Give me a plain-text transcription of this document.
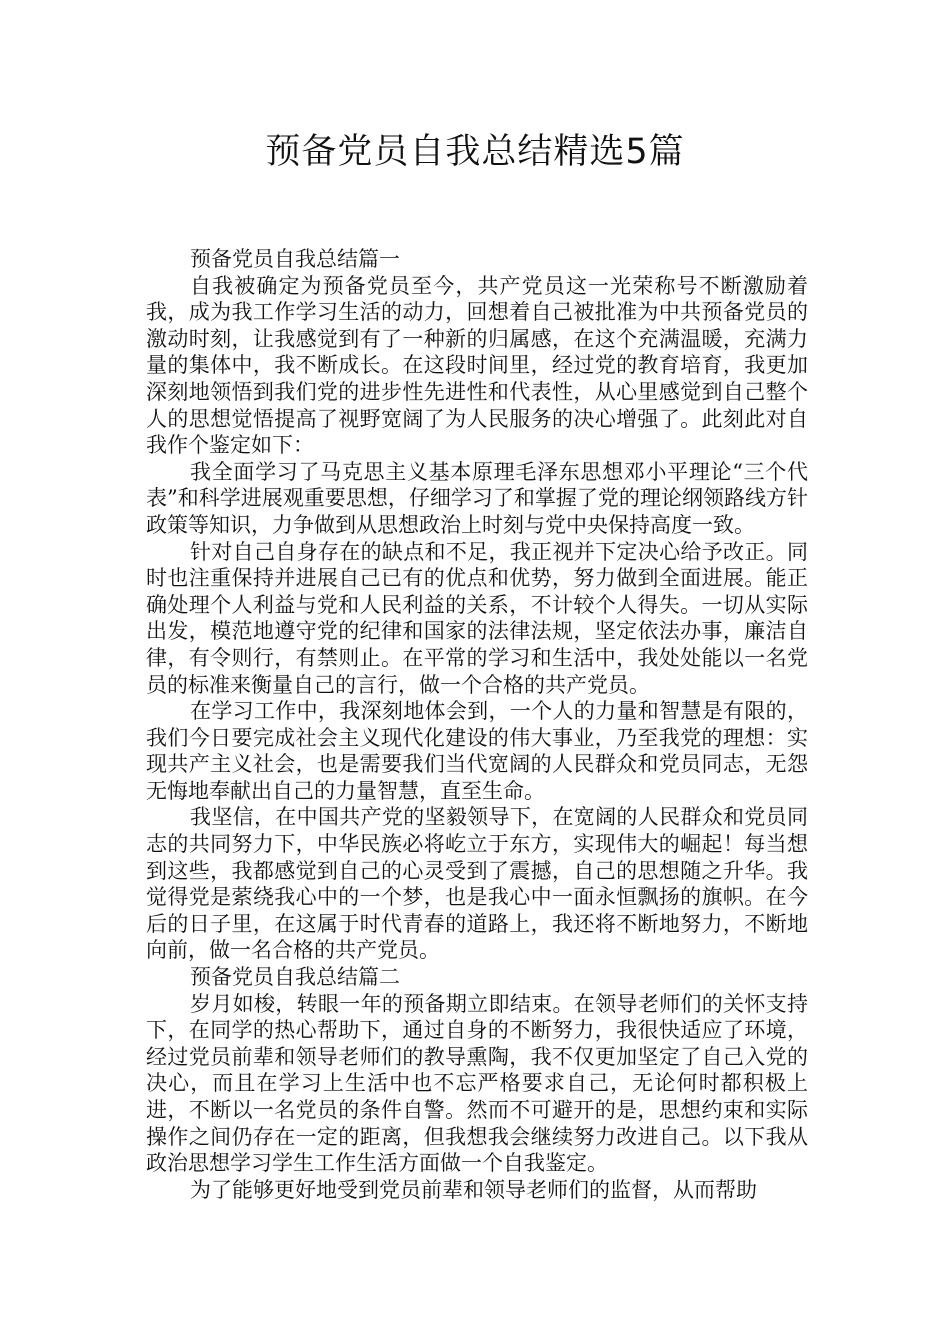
预备党员自我总结精选5篇

预备党员自我总结篇一

自我被确定为预备党员至今，共产党员这一光荣称号不断激励着我，成为我工作学习生活的动力，回想着自己被批准为中共预备党员的激动时刻，让我感觉到有了一种新的归属感，在这个充满温暖，充满力量的集体中，我不断成长。在这段时间里，经过党的教育培育，我更加深刻地领悟到我们党的进步性先进性和代表性，从心里感觉到自己整个人的思想觉悟提高了视野宽阔了为人民服务的决心增强了。此刻此对自我作个鉴定如下：

我全面学习了马克思主义基本原理毛泽东思想邓小平理论“三个代表”和科学进展观重要思想，仔细学习了和掌握了党的理论纲领路线方针政策等知识，力争做到从思想政治上时刻与党中央保持高度一致。

针对自己自身存在的缺点和不足，我正视并下定决心给予改正。同时也注重保持并进展自己已有的优点和优势，努力做到全面进展。能正确处理个人利益与党和人民利益的关系，不计较个人得失。一切从实际出发，模范地遵守党的纪律和国家的法律法规，坚定依法办事，廉洁自律，有令则行，有禁则止。在平常的学习和生活中，我处处能以一名党员的标准来衡量自己的言行，做一个合格的共产党员。

在学习工作中，我深刻地体会到，一个人的力量和智慧是有限的，我们今日要完成社会主义现代化建设的伟大事业，乃至我党的理想：实现共产主义社会，也是需要我们当代宽阔的人民群众和党员同志，无怨无悔地奉献出自己的力量智慧，直至生命。

我坚信，在中国共产党的坚毅领导下，在宽阔的人民群众和党员同志的共同努力下，中华民族必将屹立于东方，实现伟大的崛起！每当想到这些，我都感觉到自己的心灵受到了震撼，自己的思想随之升华。我觉得党是萦绕我心中的一个梦，也是我心中一面永恒飘扬的旗帜。在今后的日子里，在这属于时代青春的道路上，我还将不断地努力，不断地向前，做一名合格的共产党员。

预备党员自我总结篇二

岁月如梭，转眼一年的预备期立即结束。在领导老师们的关怀支持下，在同学的热心帮助下，通过自身的不断努力，我很快适应了环境，经过党员前辈和领导老师们的教导熏陶，我不仅更加坚定了自己入党的决心，而且在学习上生活中也不忘严格要求自己，无论何时都积极上进，不断以一名党员的条件自警。然而不可避开的是，思想约束和实际操作之间仍存在一定的距离，但我想我会继续努力改进自己。以下我从政治思想学习学生工作生活方面做一个自我鉴定。

为了能够更好地受到党员前辈和领导老师们的监督，从而帮助
